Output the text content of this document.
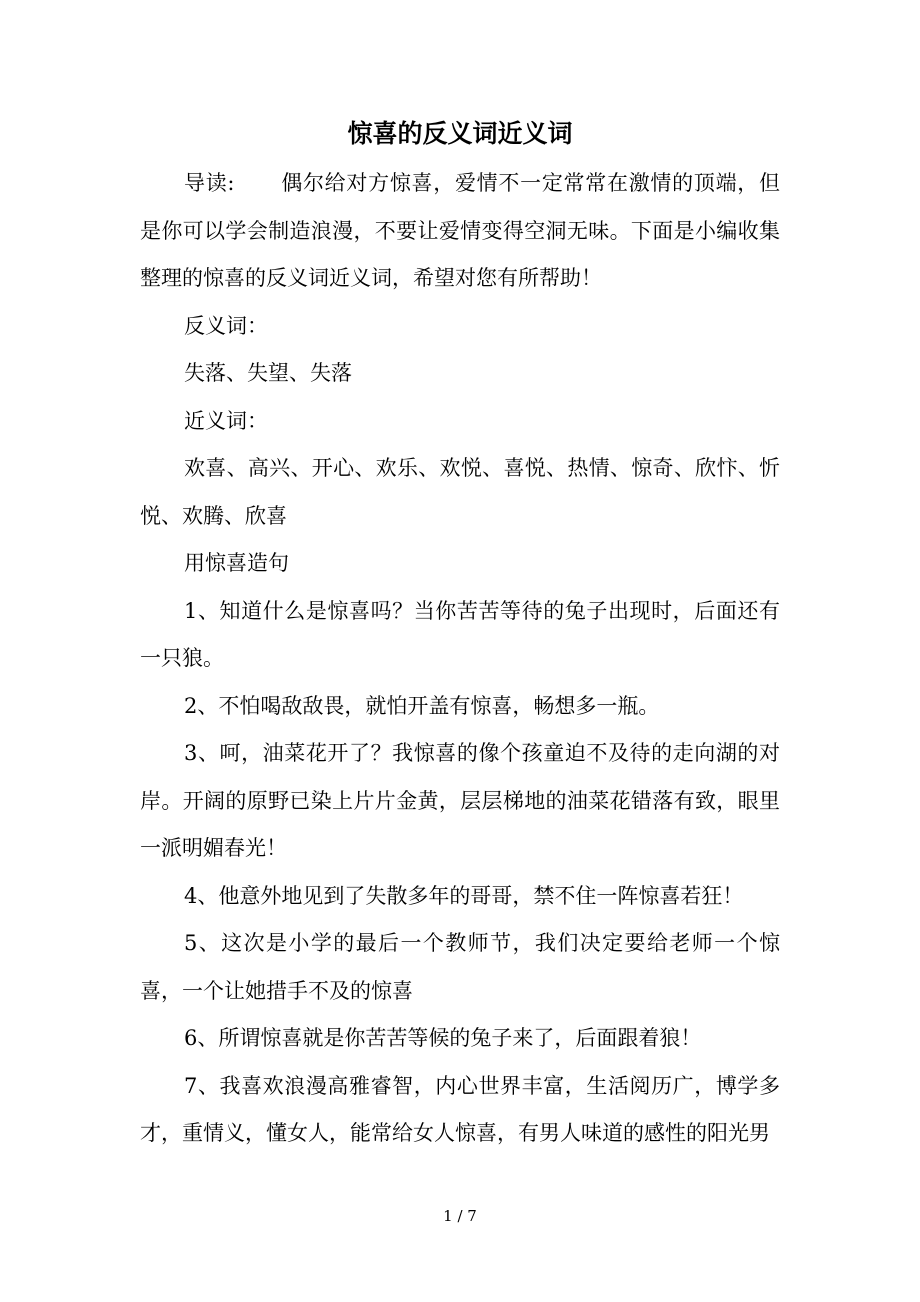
惊喜的反义词近义词

导读: 偶尔给对方惊喜，爱情不一定常常在激情的顶端，但是你可以学会制造浪漫，不要让爱情变得空洞无味。下面是小编收集整理的惊喜的反义词近义词，希望对您有所帮助！

反义词：

失落、失望、失落

近义词：

欢喜、高兴、开心、欢乐、欢悦、喜悦、热情、惊奇、欣忭、忻悦、欢腾、欣喜

用惊喜造句

1、知道什么是惊喜吗？当你苦苦等待的兔子出现时，后面还有一只狼。

2、不怕喝敌敌畏，就怕开盖有惊喜，畅想多一瓶。

3、呵，油菜花开了？我惊喜的像个孩童迫不及待的走向湖的对岸。开阔的原野已染上片片金黄，层层梯地的油菜花错落有致，眼里一派明媚春光！

4、他意外地见到了失散多年的哥哥，禁不住一阵惊喜若狂！

5、这次是小学的最后一个教师节，我们决定要给老师一个惊喜，一个让她措手不及的惊喜

6、所谓惊喜就是你苦苦等候的兔子来了，后面跟着狼！

7、我喜欢浪漫高雅睿智，内心世界丰富，生活阅历广，博学多才，重情义，懂女人，能常给女人惊喜，有男人味道的感性的阳光男

1 / 7
